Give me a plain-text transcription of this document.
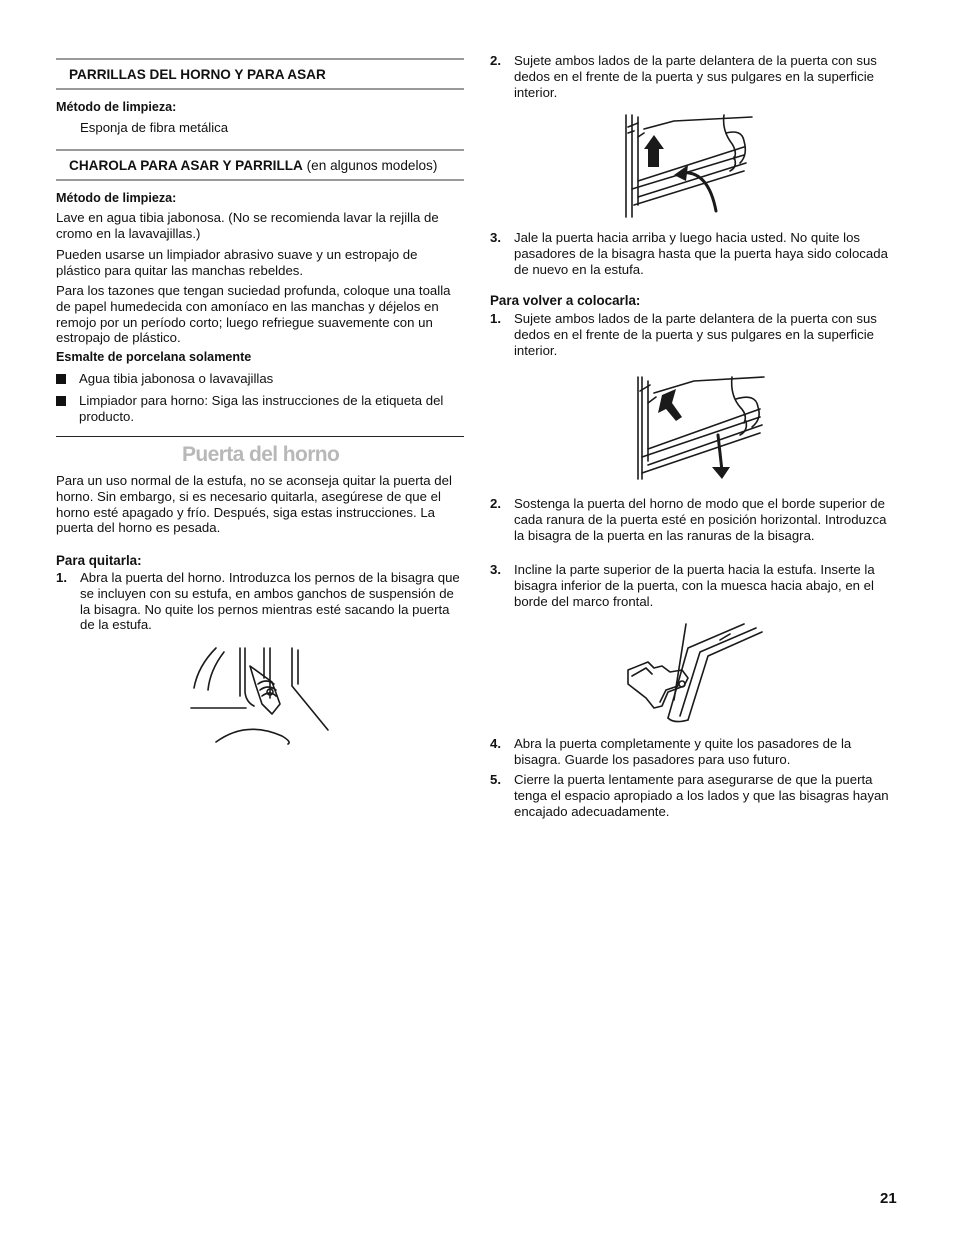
PARRILLAS DEL HORNO Y PARA ASAR
Método de limpieza:
Esponja de fibra metálica
CHAROLA PARA ASAR Y PARRILLA (en algunos modelos)
Método de limpieza:

Lave en agua tibia jabonosa. (No se recomienda lavar la rejilla de cromo en la lavavajillas.)

Pueden usarse un limpiador abrasivo suave y un estropajo de plástico para quitar las manchas rebeldes.

Para los tazones que tengan suciedad profunda, coloque una toalla de papel humedecida con amoníaco en las manchas y déjelos en remojo por un período corto; luego refriegue suavemente con un estropajo de plástico.

Esmalte de porcelana solamente

Agua tibia jabonosa o lavavajillas

Limpiador para horno: Siga las instrucciones de la etiqueta del producto.

Puerta del horno

Para un uso normal de la estufa, no se aconseja quitar la puerta del horno. Sin embargo, si es necesario quitarla, asegúrese de que el horno esté apagado y frío. Después, siga estas instrucciones. La puerta del horno es pesada.

Para quitarla:
1. Abra la puerta del horno. Introduzca los pernos de la bisagra que se incluyen con su estufa, en ambos ganchos de suspensión de la bisagra. No quite los pernos mientras esté sacando la puerta de la estufa.

2. Sujete ambos lados de la parte delantera de la puerta con sus dedos en el frente de la puerta y sus pulgares en la superficie interior.

3. Jale la puerta hacia arriba y luego hacia usted. No quite los pasadores de la bisagra hasta que la puerta haya sido colocada de nuevo en la estufa.

Para volver a colocarla:
1. Sujete ambos lados de la parte delantera de la puerta con sus dedos en el frente de la puerta y sus pulgares en la superficie interior.

2. Sostenga la puerta del horno de modo que el borde superior de cada ranura de la puerta esté en posición horizontal. Introduzca la bisagra de la puerta en las ranuras de la bisagra.

3. Incline la parte superior de la puerta hacia la estufa. Inserte la bisagra inferior de la puerta, con la muesca hacia abajo, en el borde del marco frontal.

4. Abra la puerta completamente y quite los pasadores de la bisagra. Guarde los pasadores para uso futuro.

5. Cierre la puerta lentamente para asegurarse de que la puerta tenga el espacio apropiado a los lados y que las bisagras hayan encajado adecuadamente.

21
